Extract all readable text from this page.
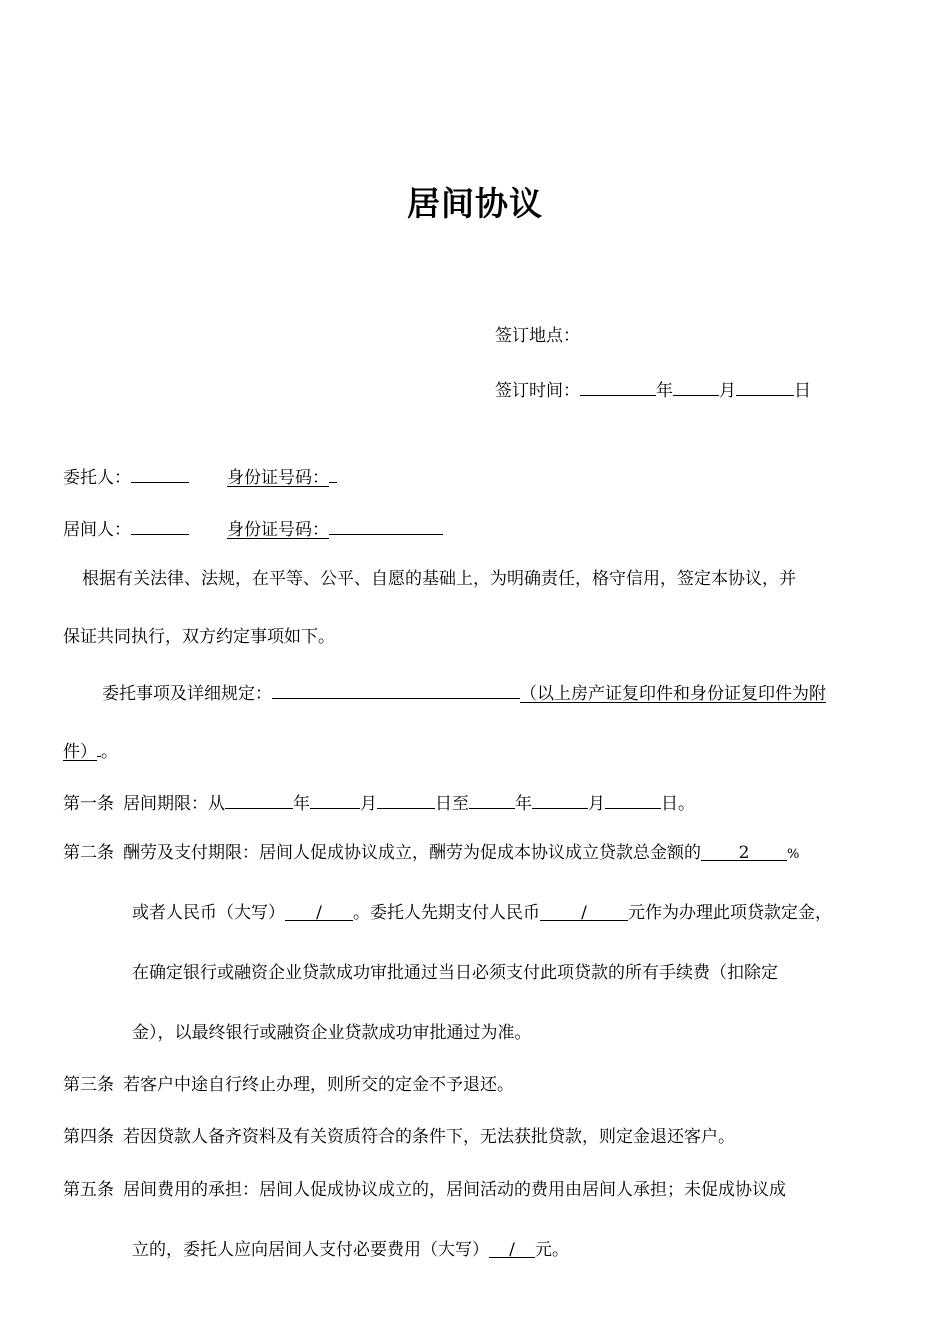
居间协议
签订地点：
签订时间：	年	月	日
委托人：	身份证号码：
居间人：	身份证号码：
根据有关法律、法规，在平等、公平、自愿的基础上，为明确责任，格守信用，签定本协议，并
保证共同执行，双方约定事项如下。
委托事项及详细规定：	（以上房产证复印件和身份证复印件为附
件） 。
第一条 居间期限：从	年	月	日至	年	月	日。
第二条 酬劳及支付期限：居间人促成协议成立，酬劳为促成本协议成立贷款总金额的 2	%
或者人民币（大写） / 。委托人先期支付人民币 / 元作为办理此项贷款定金，
在确定银行或融资企业贷款成功审批通过当日必须支付此项贷款的所有手续费（扣除定
金），以最终银行或融资企业贷款成功审批通过为准。
第三条 若客户中途自行终止办理，则所交的定金不予退还。
第四条 若因贷款人备齐资料及有关资质符合的条件下，无法获批贷款，则定金退还客户。
第五条 居间费用的承担：居间人促成协议成立的，居间活动的费用由居间人承担；未促成协议成
立的，委托人应向居间人支付必要费用（大写） / 元。
